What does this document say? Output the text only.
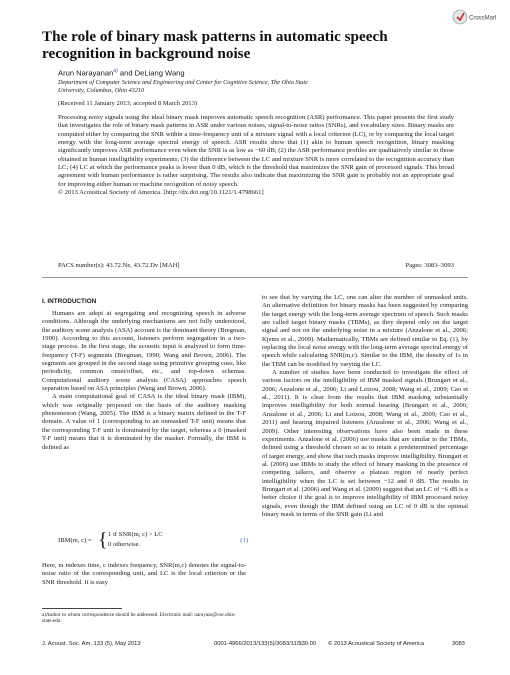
CrossMark
The role of binary mask patterns in automatic speech recognition in background noise
Arun Narayanan$^{a)}$ and DeLiang Wang
Department of Computer Science and Engineering and Center for Cognitive Science, The Ohio State
University, Columbus, Ohio 43210
(Received 11 January 2013; accepted 8 March 2013)
Processing noisy signals using the ideal binary mask improves automatic speech recognition (ASR) performance. This paper presents the first study that investigates the role of binary mask patterns in ASR under various noises, signal-to-noise ratios (SNRs), and vocabulary sizes. Binary masks are computed either by comparing the SNR within a time-frequency unit of a mixture signal with a local criterion (LC), or by comparing the local target energy with the long-term average spectral energy of speech. ASR results show that (1) akin to human speech recognition, binary masking significantly improves ASR performance even when the SNR is as low as −60 dB; (2) the ASR performance profiles are qualitatively similar to those obtained in human intelligibility experiments; (3) the difference between the LC and mixture SNR is more correlated to the recognition accuracy than LC; (4) LC at which the performance peaks is lower than 0 dB, which is the threshold that maximizes the SNR gain of processed signals. This broad agreement with human performance is rather surprising. The results also indicate that maximizing the SNR gain is probably not an appropriate goal for improving either human or machine recognition of noisy speech.
© 2013 Acoustical Society of America. [http://dx.doi.org/10.1121/1.4798661]
PACS number(s): 43.72.Ne, 43.72.Dv [MAH]	Pages: 3083–3093
I. INTRODUCTION

Humans are adept at segregating and recognizing speech in adverse conditions. Although the underlying mechanisms are not fully understood, the auditory scene analysis (ASA) account is the dominant theory (Bregman, 1990). According to this account, listeners perform segregation in a two-stage process. In the first stage, the acoustic input is analyzed to form time-frequency (T-F) segments (Bregman, 1990; Wang and Brown, 2006). The segments are grouped in the second stage using primitive grouping cues, like periodicity, common onset/offset, etc., and top-down schemas. Computational auditory scene analysis (CASA) approaches speech separation based on ASA principles (Wang and Brown, 2006).

A main computational goal of CASA is the ideal binary mask (IBM), which was originally proposed on the basis of the auditory masking phenomenon (Wang, 2005). The IBM is a binary matrix defined in the T-F domain. A value of 1 (corresponding to an unmasked T-F unit) means that the corresponding T-F unit is dominated by the target, whereas a 0 (masked T-F unit) means that it is dominated by the masker. Formally, the IBM is defined as

IBM(m, c) = { 1 if SNR(m, c) > LC
0 otherwise.
(1)

Here, m indexes time, c indexes frequency, SNR(m,c) denotes the signal-to-noise ratio of the corresponding unit, and LC is the local criterion or the SNR threshold. It is easy

a)Author to whom correspondence should be addressed. Electronic mail: narayaar@cse.ohio-state.edu

to see that by varying the LC, one can alter the number of unmasked units. An alternative definition for binary masks has been suggested by comparing the target energy with the long-term average spectrum of speech. Such masks are called target binary masks (TBMs), as they depend only on the target signal and not on the underlying noise in a mixture (Anzalone et al., 2006; Kjems et al., 2009). Mathematically, TBMs are defined similar to Eq. (1), by replacing the local noise energy with the long-term average spectral energy of speech while calculating SNR(m,c). Similar to the IBM, the density of 1s in the TBM can be modified by varying the LC.

A number of studies have been conducted to investigate the effect of various factors on the intelligibility of IBM masked signals (Brungart et al., 2006; Anzalone et al., 2006; Li and Loizou, 2008; Wang et al., 2009; Cao et al., 2011). It is clear from the results that IBM masking substantially improves intelligibility for both normal hearing (Brungart et al., 2006; Anzalone et al., 2006; Li and Loizou, 2008; Wang et al., 2009; Cao et al., 2011) and hearing impaired listeners (Anzalone et al., 2006; Wang et al., 2009). Other interesting observations have also been made in these experiments. Anzalone et al. (2006) use masks that are similar to the TBMs, defined using a threshold chosen so as to retain a predetermined percentage of target energy, and show that such masks improve intelligibility. Brungart et al. (2006) use IBMs to study the effect of binary masking in the presence of competing talkers, and observe a plateau region of nearly perfect intelligibility when the LC is set between −12 and 0 dB. The results in Brungart et al. (2006) and Wang et al. (2009) suggest that an LC of −6 dB is a better choice if the goal is to improve intelligibility of IBM processed noisy signals, even though the IBM defined using an LC of 0 dB is the optimal binary mask in terms of the SNR gain (Li and

J. Acoust. Soc. Am. 133 (5), May 2013	0001-4966/2013/133(5)/3083/11/$30.00 © 2013 Acoustical Society of America	3083
